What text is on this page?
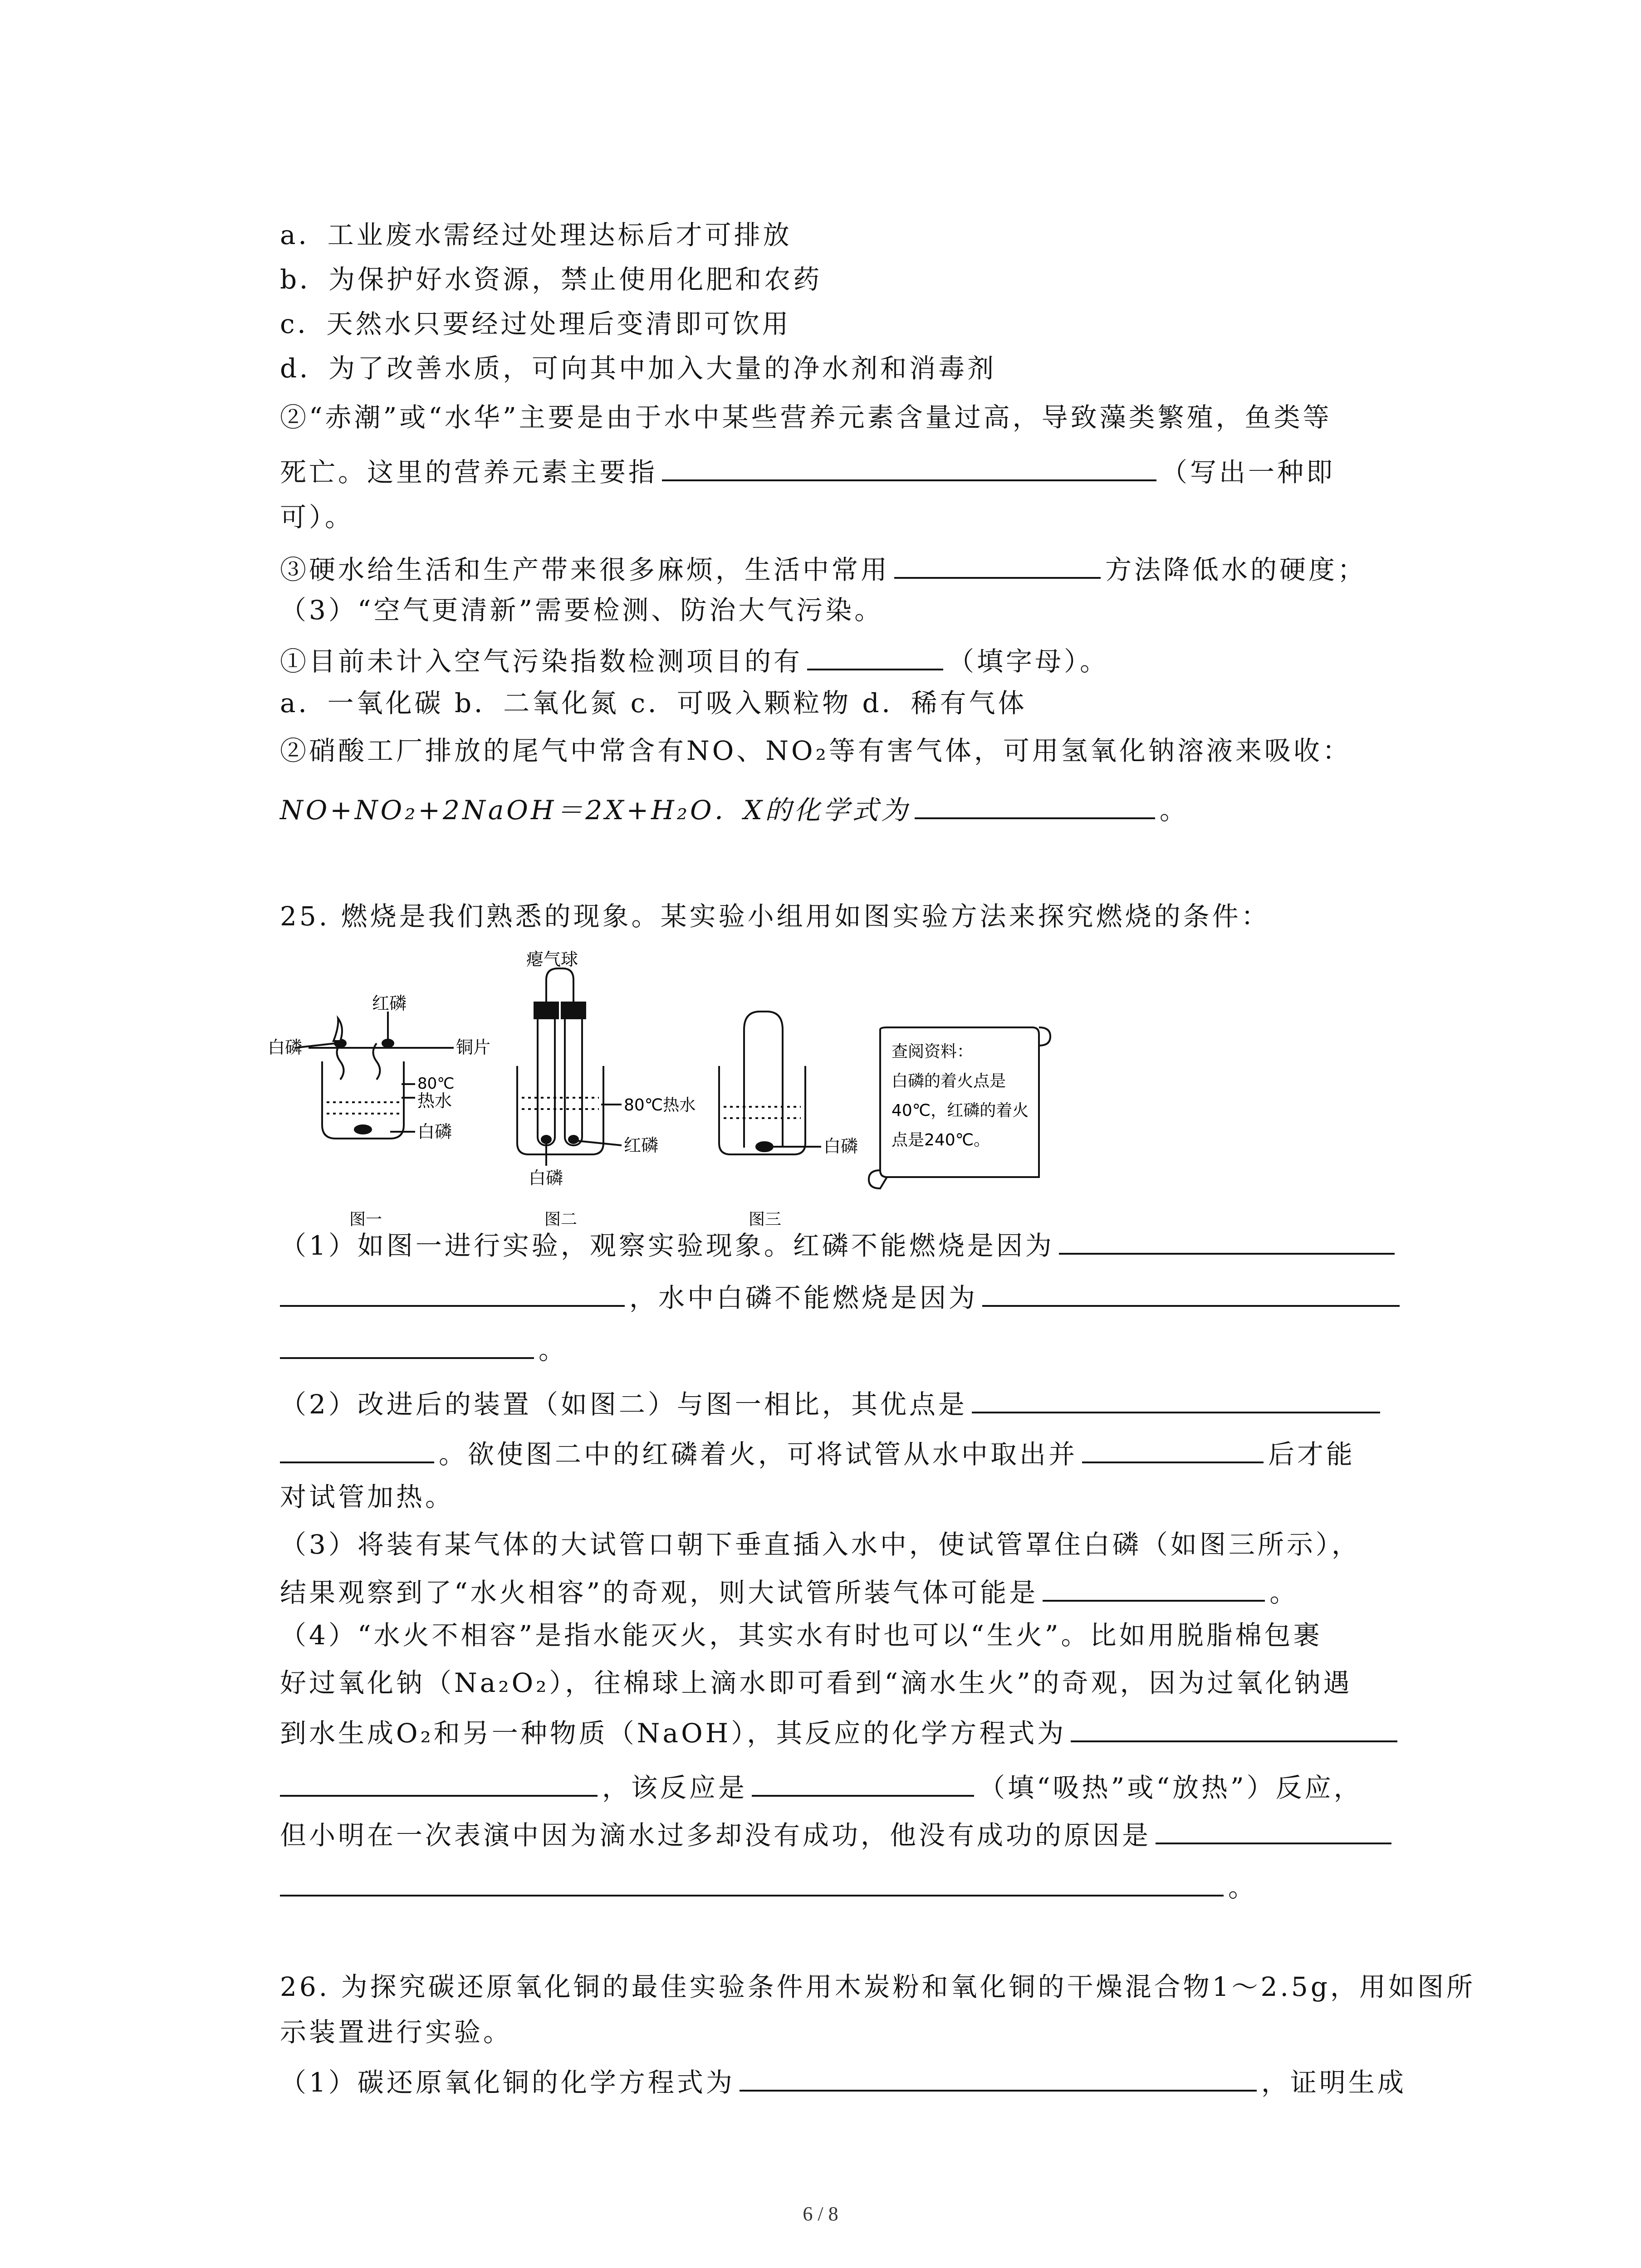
a．工业废水需经过处理达标后才可排放
b．为保护好水资源，禁止使用化肥和农药
c．天然水只要经过处理后变清即可饮用
d．为了改善水质，可向其中加入大量的净水剂和消毒剂
②“赤潮”或“水华”主要是由于水中某些营养元素含量过高，导致藻类繁殖，鱼类等
死亡。这里的营养元素主要指	（写出一种即
可）。
③硬水给生活和生产带来很多麻烦，生活中常用	方法降低水的硬度；
（3）“空气更清新”需要检测、防治大气污染。
①目前未计入空气污染指数检测项目的有	（填字母）。
a．一氧化碳 b．二氧化氮 c．可吸入颗粒物 d．稀有气体
②硝酸工厂排放的尾气中常含有NO、NO₂等有害气体，可用氢氧化钠溶液来吸收：
NO+NO₂+2NaOH＝2X+H₂O．X的化学式为	。
25. 燃烧是我们熟悉的现象。某实验小组用如图实验方法来探究燃烧的条件：
红磷
白磷	铜片
80℃
热水
白磷
图一
瘪气球
80℃热水
红磷
白磷
图二
白磷
图三
查阅资料：
白磷的着火点是
40℃，红磷的着火
点是240℃。
（1）如图一进行实验，观察实验现象。红磷不能燃烧是因为
，水中白磷不能燃烧是因为
。
（2）改进后的装置（如图二）与图一相比，其优点是
。欲使图二中的红磷着火，可将试管从水中取出并	后才能
对试管加热。
（3）将装有某气体的大试管口朝下垂直插入水中，使试管罩住白磷（如图三所示），
结果观察到了“水火相容”的奇观，则大试管所装气体可能是	。
（4）“水火不相容”是指水能灭火，其实水有时也可以“生火”。比如用脱脂棉包裹
好过氧化钠（Na₂O₂），往棉球上滴水即可看到“滴水生火”的奇观，因为过氧化钠遇
到水生成O₂和另一种物质（NaOH），其反应的化学方程式为
，该反应是	（填“吸热”或“放热”）反应，
但小明在一次表演中因为滴水过多却没有成功，他没有成功的原因是
。
26. 为探究碳还原氧化铜的最佳实验条件用木炭粉和氧化铜的干燥混合物1～2.5g，用如图所
示装置进行实验。
（1）碳还原氧化铜的化学方程式为	，证明生成
6 / 8
